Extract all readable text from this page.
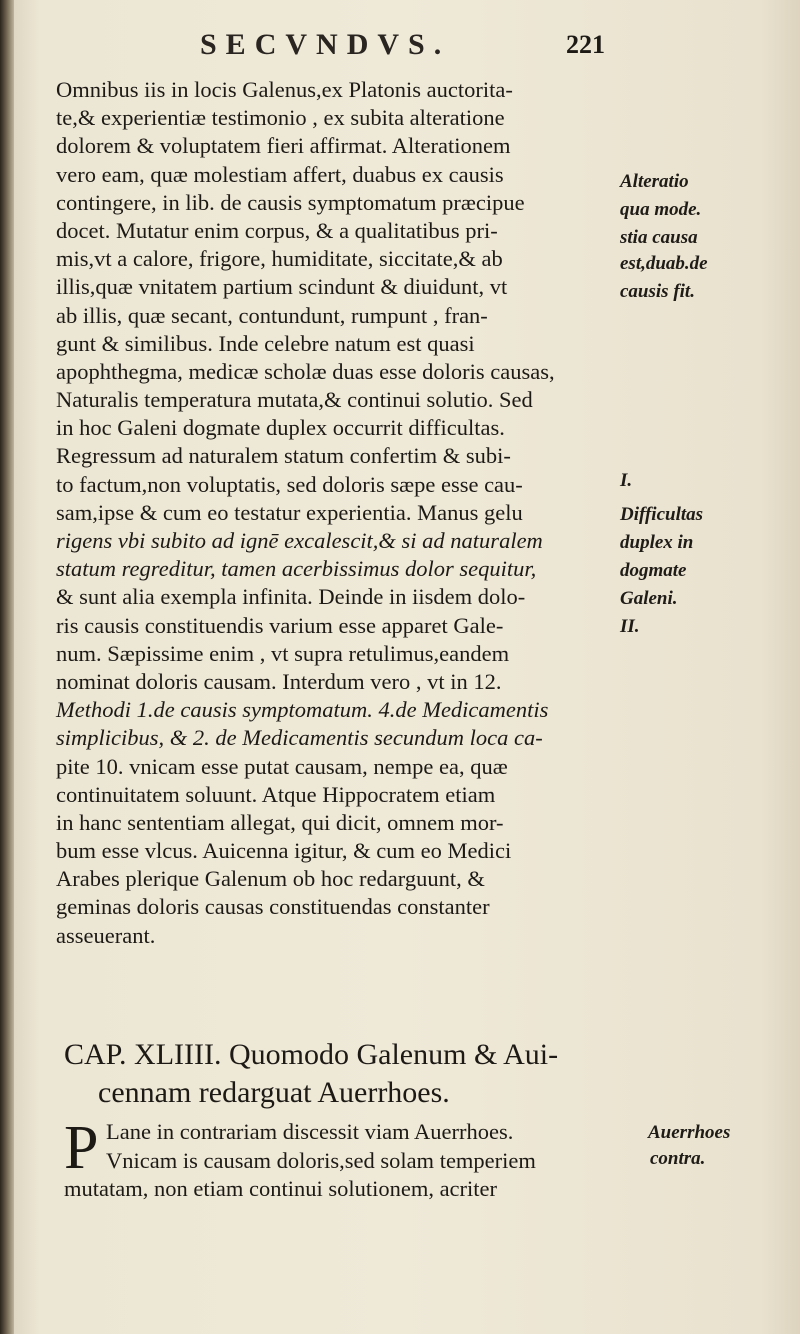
SECVNDVS.	221
Omnibus iis in locis Galenus,ex Platonis auctorita-
te,& experientiæ testimonio , ex subita alteratione
dolorem & voluptatem fieri affirmat. Alterationem
vero eam, quæ molestiam affert, duabus ex causis
contingere, in lib. de causis symptomatum præcipue
docet. Mutatur enim corpus, & a qualitatibus pri-
mis,vt a calore, frigore, humiditate, siccitate,& ab
illis,quæ vnitatem partium scindunt & diuidunt, vt
ab illis, quæ secant, contundunt, rumpunt , fran-
gunt & similibus. Inde celebre natum est quasi
apophthegma, medicæ scholæ duas esse doloris causas,
Naturalis temperatura mutata,& continui solutio. Sed
in hoc Galeni dogmate duplex occurrit difficultas.
Regressum ad naturalem statum confertim & subi-
to factum,non voluptatis, sed doloris sæpe esse cau-
sam,ipse & cum eo testatur experientia. Manus gelu
rigens vbi subito ad ignē excalescit,& si ad naturalem
statum regreditur, tamen acerbissimus dolor sequitur,
& sunt alia exempla infinita. Deinde in iisdem dolo-
ris causis constituendis varium esse apparet Gale-
num. Sæpissime enim , vt supra retulimus,eandem
nominat doloris causam. Interdum vero , vt in 12.
Methodi 1.de causis symptomatum. 4.de Medicamentis
simplicibus, & 2. de Medicamentis secundum loca ca-
pite 10. vnicam esse putat causam, nempe ea, quæ
continuitatem soluunt. Atque Hippocratem etiam
in hanc sententiam allegat, qui dicit, omnem mor-
bum esse vlcus. Auicenna igitur, & cum eo Medici
Arabes plerique Galenum ob hoc redarguunt, &
geminas doloris causas constituendas constanter
asseuerant.
Alteratio
qua mode.
stia causa
est,duab.de
causis fit.
I.
Difficultas
duplex in
dogmate
Galeni.
II.
CAP. XLIIII. Quomodo Galenum & Aui-
cennam redarguat Auerrhoes.
P Lane in contrariam discessit viam Auerrhoes.
Vnicam is causam doloris,sed solam temperiem
mutatam, non etiam continui solutionem, acriter
Auerrhoes
contra.
